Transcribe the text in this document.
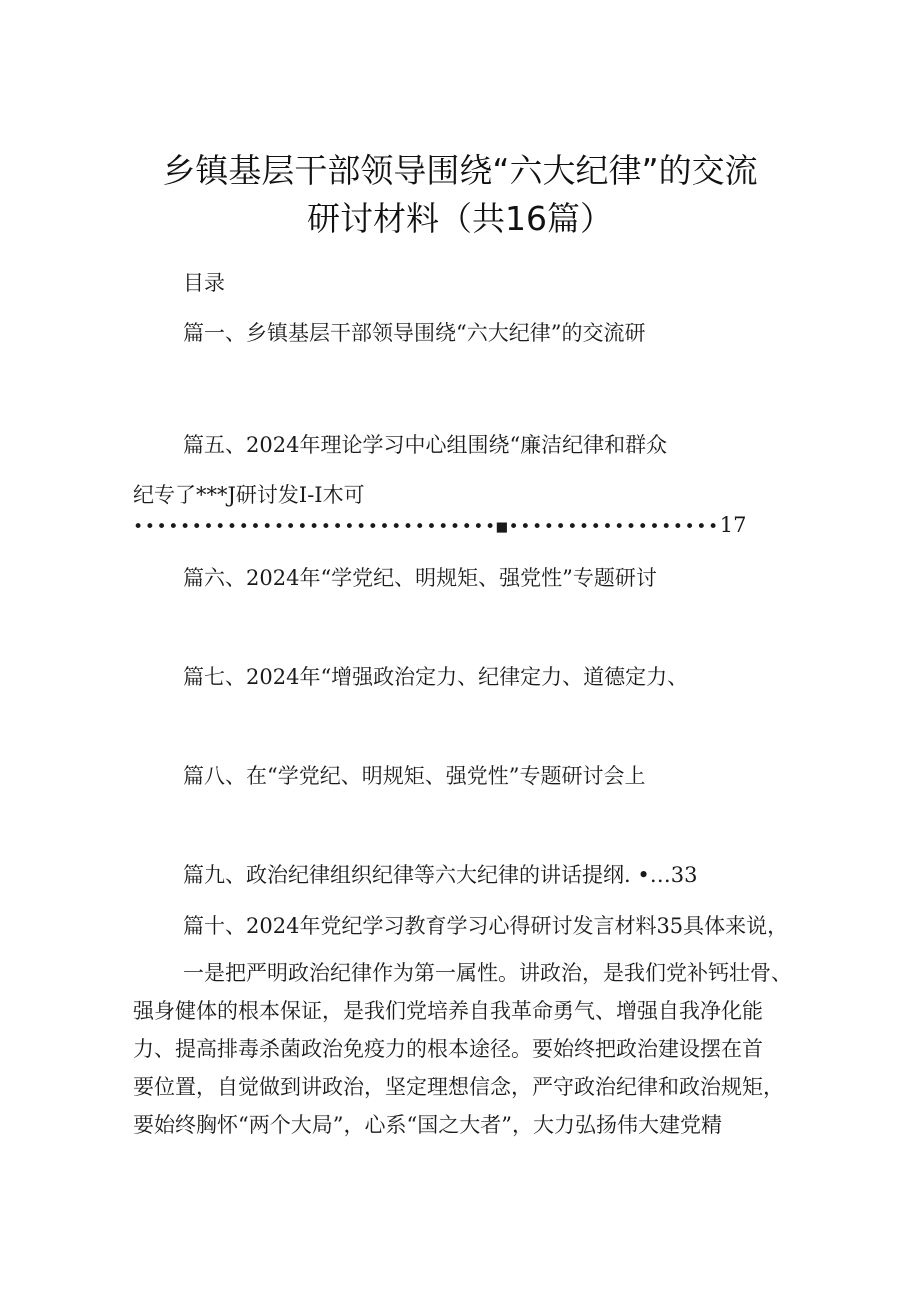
乡镇基层干部领导围绕“六大纪律”的交流
研讨材料（共16篇）
目录
篇一、乡镇基层干部领导围绕“六大纪律”的交流研
篇五、2024年理论学习中心组围绕“廉洁纪律和群众
纪专了***J研讨发I-I木可
•••••••••••••••••••••••••••••••■••••••••••••••••••17
篇六、2024年“学党纪、明规矩、强党性”专题研讨
篇七、2024年“增强政治定力、纪律定力、道德定力、
篇八、在“学党纪、明规矩、强党性”专题研讨会上
篇九、政治纪律组织纪律等六大纪律的讲话提纲. •…33
篇十、2024年党纪学习教育学习心得研讨发言材料35具体来说，
一是把严明政治纪律作为第一属性。讲政治，是我们党补钙壮骨、
强身健体的根本保证，是我们党培养自我革命勇气、增强自我净化能
力、提高排毒杀菌政治免疫力的根本途径。要始终把政治建设摆在首
要位置，自觉做到讲政治，坚定理想信念，严守政治纪律和政治规矩，
要始终胸怀“两个大局”，心系“国之大者”，大力弘扬伟大建党精
